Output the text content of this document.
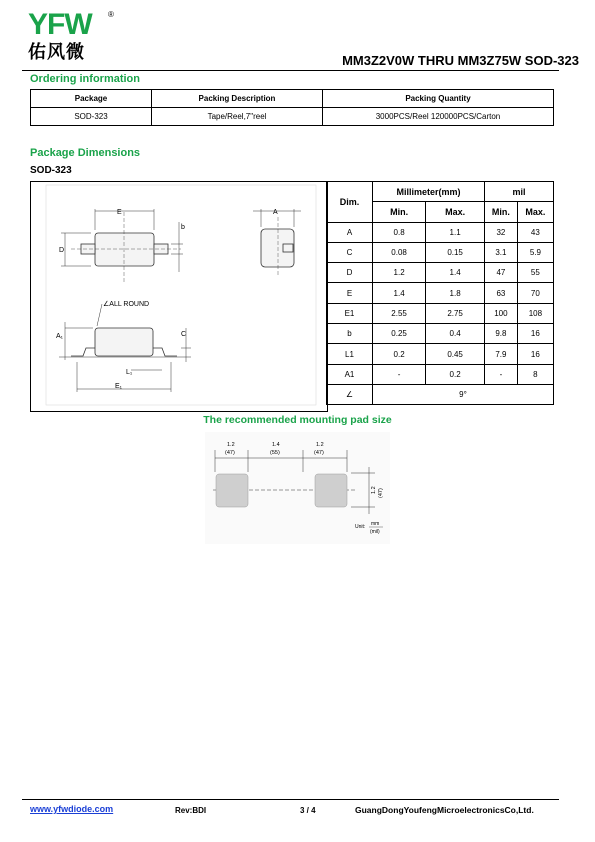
YFW	®
佑风微	MM3Z2V0W THRU MM3Z75W SOD-323
Ordering information
Package	Packing Description	Packing Quantity
SOD-323	Tape/Reel,7"reel	3000PCS/Reel 120000PCS/Carton
Package Dimensions
SOD-323
E
D
b
A
∠ALL ROUND
A₁	C
L₁
E₁
Dim.	Millimeter(mm)		mil	
	Min.	Max.	Min.	Max.
A	0.8	1.1	32	43
C	0.08	0.15	3.1	5.9
D	1.2	1.4	47	55
E	1.4	1.8	63	70
E1	2.55	2.75	100	108
b	0.25	0.4	9.8	16
L1	0.2	0.45	7.9	16
A1	-	0.2	-	8
∠	9°			
The recommended mounting pad size
1.2
(47)
1.4
(55)
1.2
(47)
1.2 (47)
Unit: mm
(mil)
www.yfwdiode.com	Rev:BDI	3 / 4	GuangDongYoufengMicroelectronicsCo,Ltd.
